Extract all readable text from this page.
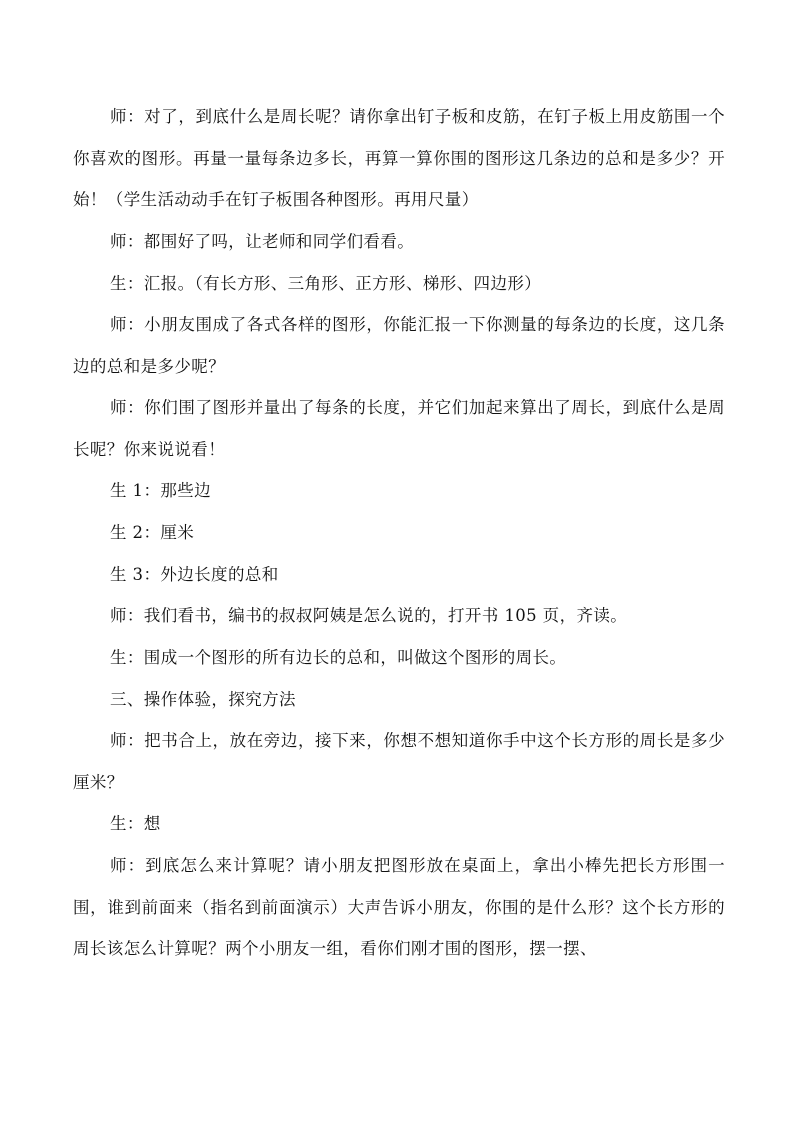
师：对了，到底什么是周长呢？请你拿出钉子板和皮筋，在钉子板上用皮筋围一个你喜欢的图形。再量一量每条边多长，再算一算你围的图形这几条边的总和是多少？开始！（学生活动动手在钉子板围各种图形。再用尺量）

师：都围好了吗，让老师和同学们看看。

生：汇报。（有长方形、三角形、正方形、梯形、四边形）

师：小朋友围成了各式各样的图形，你能汇报一下你测量的每条边的长度，这几条边的总和是多少呢？

师：你们围了图形并量出了每条的长度，并它们加起来算出了周长，到底什么是周长呢？你来说说看！

生 1：那些边

生 2：厘米

生 3：外边长度的总和

师：我们看书，编书的叔叔阿姨是怎么说的，打开书 105 页，齐读。

生：围成一个图形的所有边长的总和，叫做这个图形的周长。

三、操作体验，探究方法

师：把书合上，放在旁边，接下来，你想不想知道你手中这个长方形的周长是多少厘米？

生：想

师：到底怎么来计算呢？请小朋友把图形放在桌面上，拿出小棒先把长方形围一围，谁到前面来（指名到前面演示）大声告诉小朋友，你围的是什么形？这个长方形的周长该怎么计算呢？两个小朋友一组，看你们刚才围的图形，摆一摆、
